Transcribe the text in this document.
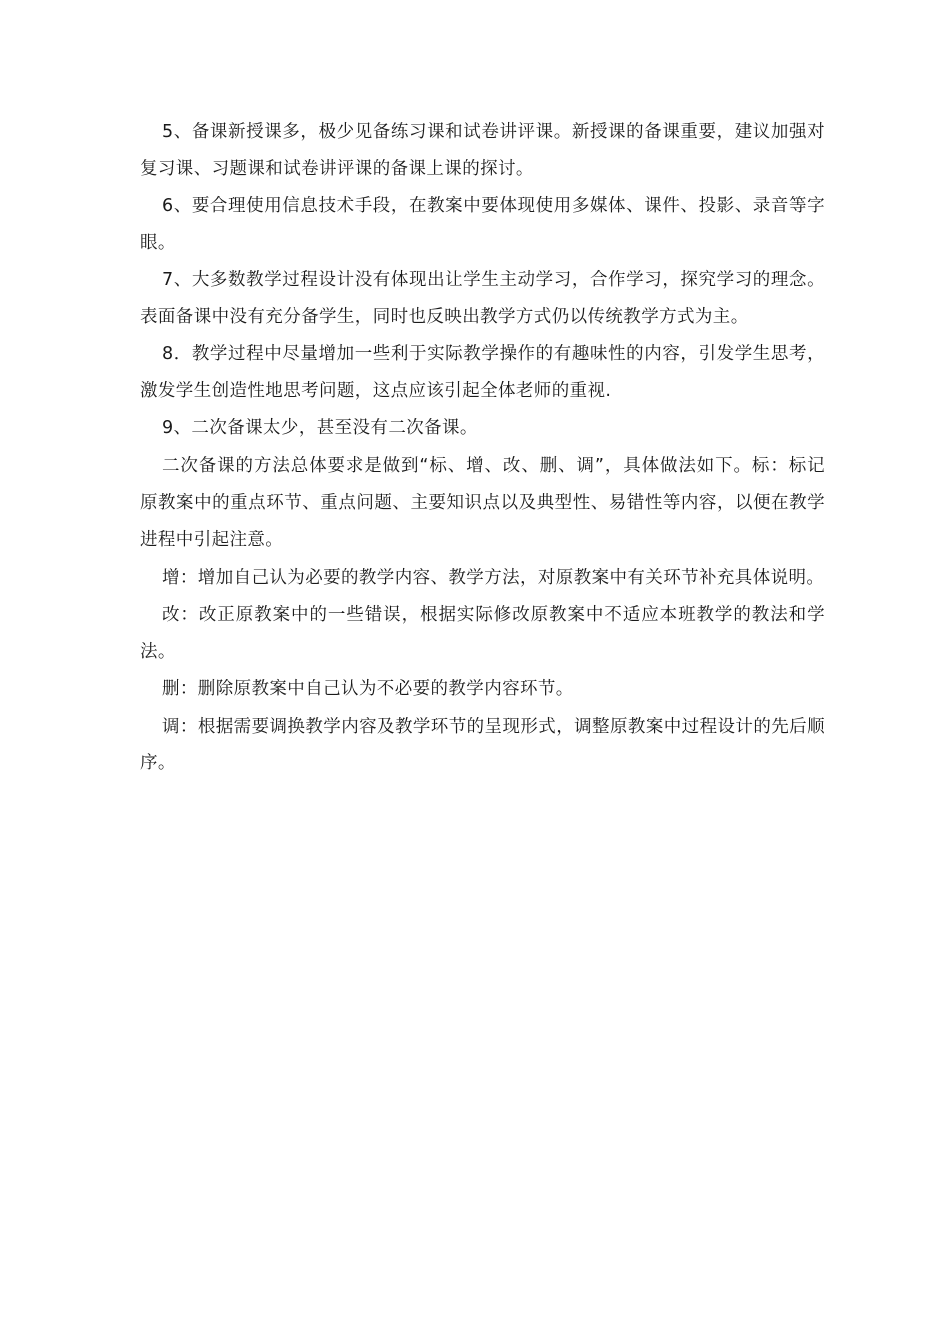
5、备课新授课多，极少见备练习课和试卷讲评课。新授课的备课重要，建议加强对复习课、习题课和试卷讲评课的备课上课的探讨。

6、要合理使用信息技术手段，在教案中要体现使用多媒体、课件、投影、录音等字眼。

7、大多数教学过程设计没有体现出让学生主动学习，合作学习，探究学习的理念。表面备课中没有充分备学生，同时也反映出教学方式仍以传统教学方式为主。

8．教学过程中尽量增加一些利于实际教学操作的有趣味性的内容，引发学生思考，激发学生创造性地思考问题，这点应该引起全体老师的重视.

9、二次备课太少，甚至没有二次备课。

二次备课的方法总体要求是做到“标、增、改、删、调”，具体做法如下。标：标记原教案中的重点环节、重点问题、主要知识点以及典型性、易错性等内容，以便在教学进程中引起注意。

增：增加自己认为必要的教学内容、教学方法，对原教案中有关环节补充具体说明。

改：改正原教案中的一些错误，根据实际修改原教案中不适应本班教学的教法和学法。

删：删除原教案中自己认为不必要的教学内容环节。

调：根据需要调换教学内容及教学环节的呈现形式，调整原教案中过程设计的先后顺序。
